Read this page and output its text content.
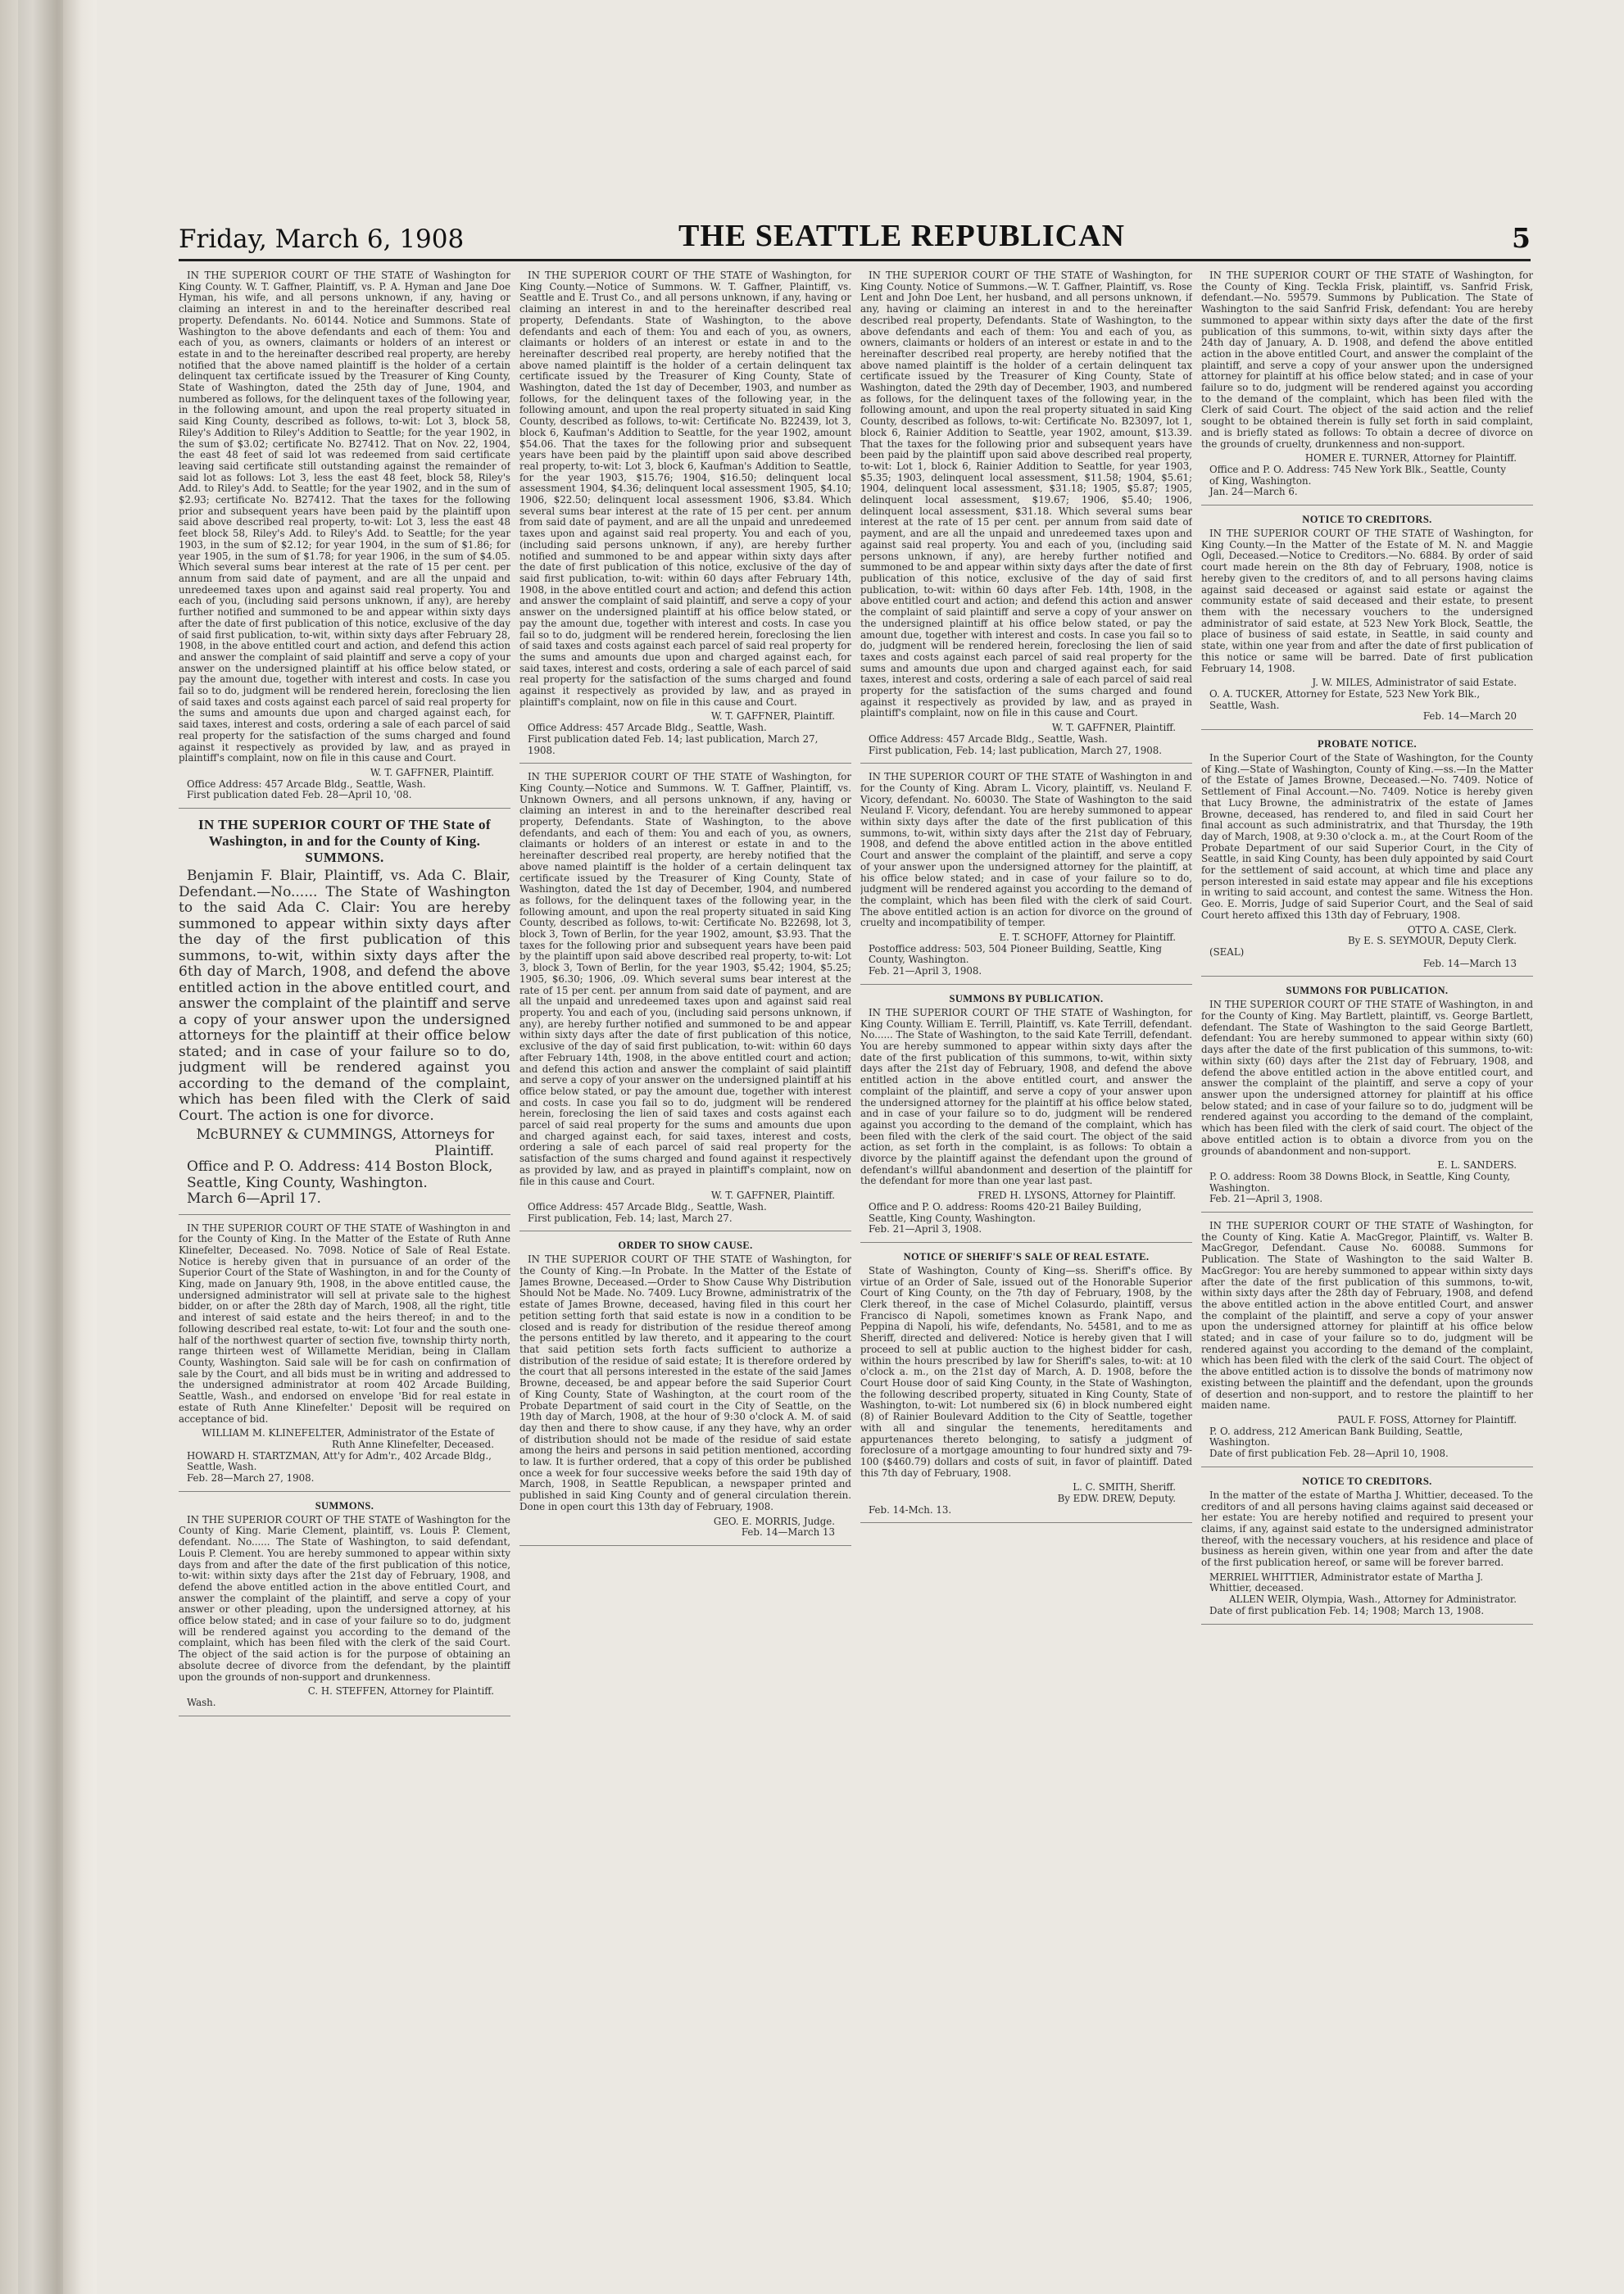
Friday, March 6, 1908	THE SEATTLE REPUBLICAN	5

IN THE SUPERIOR COURT OF THE STATE of Washington for King County. W. T. Gaffner, Plaintiff, vs. P. A. Hyman and Jane Doe Hyman, his wife, and all persons unknown, if any, having or claiming an interest in and to the hereinafter described real property. Defendants. No. 60144. Notice and Summons. State of Washington to the above defendants and each of them: You and each of you, as owners, claimants or holders of an interest or estate in and to the hereinafter described real property, are hereby notified that the above named plaintiff is the holder of a certain delinquent tax certificate issued by the Treasurer of King County, State of Washington, dated the 25th day of June, 1904, and numbered as follows, for the delinquent taxes of the following year, in the following amount, and upon the real property situated in said King County, described as follows, to-wit: Lot 3, block 58, Riley's Addition to Riley's Addition to Seattle; for the year 1902, in the sum of $3.02; certificate No. B27412. That on Nov. 22, 1904, the east 48 feet of said lot was redeemed from said certificate leaving said certificate still outstanding against the remainder of said lot as follows: Lot 3, less the east 48 feet, block 58, Riley's Add. to Riley's Add. to Seattle; for the year 1902, and in the sum of $2.93; certificate No. B27412. That the taxes for the following prior and subsequent years have been paid by the plaintiff upon said above described real property, to-wit: Lot 3, less the east 48 feet block 58, Riley's Add. to Riley's Add. to Seattle; for the year 1903, in the sum of $2.12; for year 1904, in the sum of $1.86; for year 1905, in the sum of $1.78; for year 1906, in the sum of $4.05. Which several sums bear interest at the rate of 15 per cent. per annum from said date of payment, and are all the unpaid and unredeemed taxes upon and against said real property. You and each of you, (including said persons unknown, if any), are hereby further notified and summoned to be and appear within sixty days after the date of first publication of this notice, exclusive of the day of said first publication, to-wit, within sixty days after February 28, 1908, in the above entitled court and action, and defend this action and answer the complaint of said plaintiff and serve a copy of your answer on the undersigned plaintiff at his office below stated, or pay the amount due, together with interest and costs. In case you fail so to do, judgment will be rendered herein, foreclosing the lien of said taxes and costs against each parcel of said real property for the sums and amounts due upon and charged against each, for said taxes, interest and costs, ordering a sale of each parcel of said real property for the satisfaction of the sums charged and found against it respectively as provided by law, and as prayed in plaintiff's complaint, now on file in this cause and Court.

W. T. GAFFNER, Plaintiff.
Office Address: 457 Arcade Bldg., Seattle, Wash.
First publication dated Feb. 28—April 10, '08.
IN THE SUPERIOR COURT OF THE State of Washington, in and for the County of King. SUMMONS.

Benjamin F. Blair, Plaintiff, vs. Ada C. Blair, Defendant.—No...... The State of Washington to the said Ada C. Clair: You are hereby summoned to appear within sixty days after the day of the first publication of this summons, to-wit, within sixty days after the 6th day of March, 1908, and defend the above entitled action in the above entitled court, and answer the complaint of the plaintiff and serve a copy of your answer upon the undersigned attorneys for the plaintiff at their office below stated; and in case of your failure so to do, judgment will be rendered against you according to the demand of the complaint, which has been filed with the Clerk of said Court. The action is one for divorce.

McBURNEY & CUMMINGS, Attorneys for Plaintiff.
Office and P. O. Address: 414 Boston Block, Seattle, King County, Washington.
March 6—April 17.

IN THE SUPERIOR COURT OF THE STATE of Washington in and for the County of King. In the Matter of the Estate of Ruth Anne Klinefelter, Deceased. No. 7098. Notice of Sale of Real Estate. Notice is hereby given that in pursuance of an order of the Superior Court of the State of Washington, in and for the County of King, made on January 9th, 1908, in the above entitled cause, the undersigned administrator will sell at private sale to the highest bidder, on or after the 28th day of March, 1908, all the right, title and interest of said estate and the heirs thereof; in and to the following described real estate, to-wit: Lot four and the south one-half of the northwest quarter of section five, township thirty north, range thirteen west of Willamette Meridian, being in Clallam County, Washington. Said sale will be for cash on confirmation of sale by the Court, and all bids must be in writing and addressed to the undersigned administrator at room 402 Arcade Building, Seattle, Wash., and endorsed on envelope 'Bid for real estate in estate of Ruth Anne Klinefelter.' Deposit will be required on acceptance of bid.

WILLIAM M. KLINEFELTER, Administrator of the Estate of Ruth Anne Klinefelter, Deceased.
HOWARD H. STARTZMAN, Att'y for Adm'r., 402 Arcade Bldg., Seattle, Wash.
Feb. 28—March 27, 1908.
SUMMONS.

IN THE SUPERIOR COURT OF THE STATE of Washington for the County of King. Marie Clement, plaintiff, vs. Louis P. Clement, defendant. No...... The State of Washington, to said defendant, Louis P. Clement. You are hereby summoned to appear within sixty days from and after the date of the first publication of this notice, to-wit: within sixty days after the 21st day of February, 1908, and defend the above entitled action in the above entitled Court, and answer the complaint of the plaintiff, and serve a copy of your answer or other pleading, upon the undersigned attorney, at his office below stated; and in case of your failure so to do, judgment will be rendered against you according to the demand of the complaint, which has been filed with the clerk of the said Court. The object of the said action is for the purpose of obtaining an absolute decree of divorce from the defendant, by the plaintiff upon the grounds of non-support and drunkenness.

C. H. STEFFEN, Attorney for Plaintiff.
Wash.

IN THE SUPERIOR COURT OF THE STATE of Washington, for King County.—Notice of Summons. W. T. Gaffner, Plaintiff, vs. Seattle and E. Trust Co., and all persons unknown, if any, having or claiming an interest in and to the hereinafter described real property, Defendants. State of Washington, to the above defendants and each of them: You and each of you, as owners, claimants or holders of an interest or estate in and to the hereinafter described real property, are hereby notified that the above named plaintiff is the holder of a certain delinquent tax certificate issued by the Treasurer of King County, State of Washington, dated the 1st day of December, 1903, and number as follows, for the delinquent taxes of the following year, in the following amount, and upon the real property situated in said King County, described as follows, to-wit: Certificate No. B22439, lot 3, block 6, Kaufman's Addition to Seattle, for the year 1902, amount $54.06. That the taxes for the following prior and subsequent years have been paid by the plaintiff upon said above described real property, to-wit: Lot 3, block 6, Kaufman's Addition to Seattle, for the year 1903, $15.76; 1904, $16.50; delinquent local assessment 1904, $4.36; delinquent local assessment 1905, $4.10; 1906, $22.50; delinquent local assessment 1906, $3.84. Which several sums bear interest at the rate of 15 per cent. per annum from said date of payment, and are all the unpaid and unredeemed taxes upon and against said real property. You and each of you, (including said persons unknown, if any), are hereby further notified and summoned to be and appear within sixty days after the date of first publication of this notice, exclusive of the day of said first publication, to-wit: within 60 days after February 14th, 1908, in the above entitled court and action; and defend this action and answer the complaint of said plaintiff, and serve a copy of your answer on the undersigned plaintiff at his office below stated, or pay the amount due, together with interest and costs. In case you fail so to do, judgment will be rendered herein, foreclosing the lien of said taxes and costs against each parcel of said real property for the sums and amounts due upon and charged against each, for said taxes, interest and costs, ordering a sale of each parcel of said real property for the satisfaction of the sums charged and found against it respectively as provided by law, and as prayed in plaintiff's complaint, now on file in this cause and Court.

W. T. GAFFNER, Plaintiff.
Office Address: 457 Arcade Bldg., Seattle, Wash.
First publication dated Feb. 14; last publication, March 27, 1908.

IN THE SUPERIOR COURT OF THE STATE of Washington, for King County.—Notice and Summons. W. T. Gaffner, Plaintiff, vs. Unknown Owners, and all persons unknown, if any, having or claiming an interest in and to the hereinafter described real property, Defendants. State of Washington, to the above defendants, and each of them: You and each of you, as owners, claimants or holders of an interest or estate in and to the hereinafter described real property, are hereby notified that the above named plaintiff is the holder of a certain delinquent tax certificate issued by the Treasurer of King County, State of Washington, dated the 1st day of December, 1904, and numbered as follows, for the delinquent taxes of the following year, in the following amount, and upon the real property situated in said King County, described as follows, to-wit: Certificate No. B22698, lot 3, block 3, Town of Berlin, for the year 1902, amount, $3.93. That the taxes for the following prior and subsequent years have been paid by the plaintiff upon said above described real property, to-wit: Lot 3, block 3, Town of Berlin, for the year 1903, $5.42; 1904, $5.25; 1905, $6.30; 1906, .09. Which several sums bear interest at the rate of 15 per cent. per annum from said date of payment, and are all the unpaid and unredeemed taxes upon and against said real property. You and each of you, (including said persons unknown, if any), are hereby further notified and summoned to be and appear within sixty days after the date of first publication of this notice, exclusive of the day of said first publication, to-wit: within 60 days after February 14th, 1908, in the above entitled court and action; and defend this action and answer the complaint of said plaintiff and serve a copy of your answer on the undersigned plaintiff at his office below stated, or pay the amount due, together with interest and costs. In case you fail so to do, judgment will be rendered herein, foreclosing the lien of said taxes and costs against each parcel of said real property for the sums and amounts due upon and charged against each, for said taxes, interest and costs, ordering a sale of each parcel of said real property for the satisfaction of the sums charged and found against it respectively as provided by law, and as prayed in plaintiff's complaint, now on file in this cause and Court.

W. T. GAFFNER, Plaintiff.
Office Address: 457 Arcade Bldg., Seattle, Wash.
First publication, Feb. 14; last, March 27.
ORDER TO SHOW CAUSE.

IN THE SUPERIOR COURT OF THE STATE of Washington, for the County of King.—In Probate. In the Matter of the Estate of James Browne, Deceased.—Order to Show Cause Why Distribution Should Not be Made. No. 7409. Lucy Browne, administratrix of the estate of James Browne, deceased, having filed in this court her petition setting forth that said estate is now in a condition to be closed and is ready for distribution of the residue thereof among the persons entitled by law thereto, and it appearing to the court that said petition sets forth facts sufficient to authorize a distribution of the residue of said estate; It is therefore ordered by the court that all persons interested in the estate of the said James Browne, deceased, be and appear before the said Superior Court of King County, State of Washington, at the court room of the Probate Department of said court in the City of Seattle, on the 19th day of March, 1908, at the hour of 9:30 o'clock A. M. of said day then and there to show cause, if any they have, why an order of distribution should not be made of the residue of said estate among the heirs and persons in said petition mentioned, according to law. It is further ordered, that a copy of this order be published once a week for four successive weeks before the said 19th day of March, 1908, in Seattle Republican, a newspaper printed and published in said King County and of general circulation therein. Done in open court this 13th day of February, 1908.

GEO. E. MORRIS, Judge.
Feb. 14—March 13

IN THE SUPERIOR COURT OF THE STATE of Washington, for King County. Notice of Summons.—W. T. Gaffner, Plaintiff, vs. Rose Lent and John Doe Lent, her husband, and all persons unknown, if any, having or claiming an interest in and to the hereinafter described real property, Defendants. State of Washington, to the above defendants and each of them: You and each of you, as owners, claimants or holders of an interest or estate in and to the hereinafter described real property, are hereby notified that the above named plaintiff is the holder of a certain delinquent tax certificate issued by the Treasurer of King County, State of Washington, dated the 29th day of December, 1903, and numbered as follows, for the delinquent taxes of the following year, in the following amount, and upon the real property situated in said King County, described as follows, to-wit: Certificate No. B23097, lot 1, block 6, Rainier Addition to Seattle, year 1902, amount, $13.39. That the taxes for the following prior and subsequent years have been paid by the plaintiff upon said above described real property, to-wit: Lot 1, block 6, Rainier Addition to Seattle, for year 1903, $5.35; 1903, delinquent local assessment, $11.58; 1904, $5.61; 1904, delinquent local assessment, $31.18; 1905, $5.87; 1905, delinquent local assessment, $19.67; 1906, $5.40; 1906, delinquent local assessment, $31.18. Which several sums bear interest at the rate of 15 per cent. per annum from said date of payment, and are all the unpaid and unredeemed taxes upon and against said real property. You and each of you, (including said persons unknown, if any), are hereby further notified and summoned to be and appear within sixty days after the date of first publication of this notice, exclusive of the day of said first publication, to-wit: within 60 days after Feb. 14th, 1908, in the above entitled court and action; and defend this action and answer the complaint of said plaintiff and serve a copy of your answer on the undersigned plaintiff at his office below stated, or pay the amount due, together with interest and costs. In case you fail so to do, judgment will be rendered herein, foreclosing the lien of said taxes and costs against each parcel of said real property for the sums and amounts due upon and charged against each, for said taxes, interest and costs, ordering a sale of each parcel of said real property for the satisfaction of the sums charged and found against it respectively as provided by law, and as prayed in plaintiff's complaint, now on file in this cause and Court.

W. T. GAFFNER, Plaintiff.
Office Address: 457 Arcade Bldg., Seattle, Wash.
First publication, Feb. 14; last publication, March 27, 1908.

IN THE SUPERIOR COURT OF THE STATE of Washington in and for the County of King. Abram L. Vicory, plaintiff, vs. Neuland F. Vicory, defendant. No. 60030. The State of Washington to the said Neuland F. Vicory, defendant. You are hereby summoned to appear within sixty days after the date of the first publication of this summons, to-wit, within sixty days after the 21st day of February, 1908, and defend the above entitled action in the above entitled Court and answer the complaint of the plaintiff, and serve a copy of your answer upon the undersigned attorney for the plaintiff, at his office below stated; and in case of your failure so to do, judgment will be rendered against you according to the demand of the complaint, which has been filed with the clerk of said Court. The above entitled action is an action for divorce on the ground of cruelty and incompatibility of temper.

E. T. SCHOFF, Attorney for Plaintiff.
Postoffice address: 503, 504 Pioneer Building, Seattle, King County, Washington.
Feb. 21—April 3, 1908.
SUMMONS BY PUBLICATION.

IN THE SUPERIOR COURT OF THE STATE of Washington, for King County. William E. Terrill, Plaintiff, vs. Kate Terrill, defendant. No...... The State of Washington, to the said Kate Terrill, defendant. You are hereby summoned to appear within sixty days after the date of the first publication of this summons, to-wit, within sixty days after the 21st day of February, 1908, and defend the above entitled action in the above entitled court, and answer the complaint of the plaintiff, and serve a copy of your answer upon the undersigned attorney for the plaintiff at his office below stated, and in case of your failure so to do, judgment will be rendered against you according to the demand of the complaint, which has been filed with the clerk of the said court. The object of the said action, as set forth in the complaint, is as follows: To obtain a divorce by the plaintiff against the defendant upon the ground of defendant's willful abandonment and desertion of the plaintiff for the defendant for more than one year last past.

FRED H. LYSONS, Attorney for Plaintiff.
Office and P. O. address: Rooms 420-21 Bailey Building, Seattle, King County, Washington.
Feb. 21—April 3, 1908.
NOTICE OF SHERIFF'S SALE OF REAL ESTATE.

State of Washington, County of King—ss. Sheriff's office. By virtue of an Order of Sale, issued out of the Honorable Superior Court of King County, on the 7th day of February, 1908, by the Clerk thereof, in the case of Michel Colasurdo, plaintiff, versus Francisco di Napoli, sometimes known as Frank Napo, and Peppina di Napoli, his wife, defendants, No. 54581, and to me as Sheriff, directed and delivered: Notice is hereby given that I will proceed to sell at public auction to the highest bidder for cash, within the hours prescribed by law for Sheriff's sales, to-wit: at 10 o'clock a. m., on the 21st day of March, A. D. 1908, before the Court House door of said King County, in the State of Washington, the following described property, situated in King County, State of Washington, to-wit: Lot numbered six (6) in block numbered eight (8) of Rainier Boulevard Addition to the City of Seattle, together with all and singular the tenements, hereditaments and appurtenances thereto belonging, to satisfy a judgment of foreclosure of a mortgage amounting to four hundred sixty and 79-100 ($460.79) dollars and costs of suit, in favor of plaintiff. Dated this 7th day of February, 1908.

L. C. SMITH, Sheriff.
By EDW. DREW, Deputy.
Feb. 14-Mch. 13.

IN THE SUPERIOR COURT OF THE STATE of Washington, for the County of King. Teckla Frisk, plaintiff, vs. Sanfrid Frisk, defendant.—No. 59579. Summons by Publication. The State of Washington to the said Sanfrid Frisk, defendant: You are hereby summoned to appear within sixty days after the date of the first publication of this summons, to-wit, within sixty days after the 24th day of January, A. D. 1908, and defend the above entitled action in the above entitled Court, and answer the complaint of the plaintiff, and serve a copy of your answer upon the undersigned attorney for plaintiff at his office below stated; and in case of your failure so to do, judgment will be rendered against you according to the demand of the complaint, which has been filed with the Clerk of said Court. The object of the said action and the relief sought to be obtained therein is fully set forth in said complaint, and is briefly stated as follows: To obtain a decree of divorce on the grounds of cruelty, drunkenness and non-support.

HOMER E. TURNER, Attorney for Plaintiff.
Office and P. O. Address: 745 New York Blk., Seattle, County of King, Washington.
Jan. 24—March 6.
NOTICE TO CREDITORS.

IN THE SUPERIOR COURT OF THE STATE of Washington, for King County.—In the Matter of the Estate of M. N. and Maggie Ogli, Deceased.—Notice to Creditors.—No. 6884. By order of said court made herein on the 8th day of February, 1908, notice is hereby given to the creditors of, and to all persons having claims against said deceased or against said estate or against the community estate of said deceased and their estate, to present them with the necessary vouchers to the undersigned administrator of said estate, at 523 New York Block, Seattle, the place of business of said estate, in Seattle, in said county and state, within one year from and after the date of first publication of this notice or same will be barred. Date of first publication February 14, 1908.

J. W. MILES, Administrator of said Estate.
O. A. TUCKER, Attorney for Estate, 523 New York Blk., Seattle, Wash.
Feb. 14—March 20
PROBATE NOTICE.

In the Superior Court of the State of Washington, for the County of King.—State of Washington, County of King.—ss.—In the Matter of the Estate of James Browne, Deceased.—No. 7409. Notice of Settlement of Final Account.—No. 7409. Notice is hereby given that Lucy Browne, the administratrix of the estate of James Browne, deceased, has rendered to, and filed in said Court her final account as such administratrix, and that Thursday, the 19th day of March, 1908, at 9:30 o'clock a. m., at the Court Room of the Probate Department of our said Superior Court, in the City of Seattle, in said King County, has been duly appointed by said Court for the settlement of said account, at which time and place any person interested in said estate may appear and file his exceptions in writing to said account, and contest the same. Witness the Hon. Geo. E. Morris, Judge of said Superior Court, and the Seal of said Court hereto affixed this 13th day of February, 1908.

OTTO A. CASE, Clerk.
By E. S. SEYMOUR, Deputy Clerk.
(SEAL)
Feb. 14—March 13
SUMMONS FOR PUBLICATION.

IN THE SUPERIOR COURT OF THE STATE of Washington, in and for the County of King. May Bartlett, plaintiff, vs. George Bartlett, defendant. The State of Washington to the said George Bartlett, defendant: You are hereby summoned to appear within sixty (60) days after the date of the first publication of this summons, to-wit: within sixty (60) days after the 21st day of February, 1908, and defend the above entitled action in the above entitled court, and answer the complaint of the plaintiff, and serve a copy of your answer upon the undersigned attorney for plaintiff at his office below stated; and in case of your failure so to do, judgment will be rendered against you according to the demand of the complaint, which has been filed with the clerk of said court. The object of the above entitled action is to obtain a divorce from you on the grounds of abandonment and non-support.

E. L. SANDERS.
P. O. address: Room 38 Downs Block, in Seattle, King County, Washington.
Feb. 21—April 3, 1908.

IN THE SUPERIOR COURT OF THE STATE of Washington, for the County of King. Katie A. MacGregor, Plaintiff, vs. Walter B. MacGregor, Defendant. Cause No. 60088. Summons for Publication. The State of Washington to the said Walter B. MacGregor: You are hereby summoned to appear within sixty days after the date of the first publication of this summons, to-wit, within sixty days after the 28th day of February, 1908, and defend the above entitled action in the above entitled Court, and answer the complaint of the plaintiff, and serve a copy of your answer upon the undersigned attorney for plaintiff at his office below stated; and in case of your failure so to do, judgment will be rendered against you according to the demand of the complaint, which has been filed with the clerk of the said Court. The object of the above entitled action is to dissolve the bonds of matrimony now existing between the plaintiff and the defendant, upon the grounds of desertion and non-support, and to restore the plaintiff to her maiden name.

PAUL F. FOSS, Attorney for Plaintiff.
P. O. address, 212 American Bank Building, Seattle, Washington.
Date of first publication Feb. 28—April 10, 1908.
NOTICE TO CREDITORS.

In the matter of the estate of Martha J. Whittier, deceased. To the creditors of and all persons having claims against said deceased or her estate: You are hereby notified and required to present your claims, if any, against said estate to the undersigned administrator thereof, with the necessary vouchers, at his residence and place of business as herein given, within one year from and after the date of the first publication hereof, or same will be forever barred.

MERRIEL WHITTIER, Administrator estate of Martha J. Whittier, deceased.
ALLEN WEIR, Olympia, Wash., Attorney for Administrator.
Date of first publication Feb. 14; 1908; March 13, 1908.
